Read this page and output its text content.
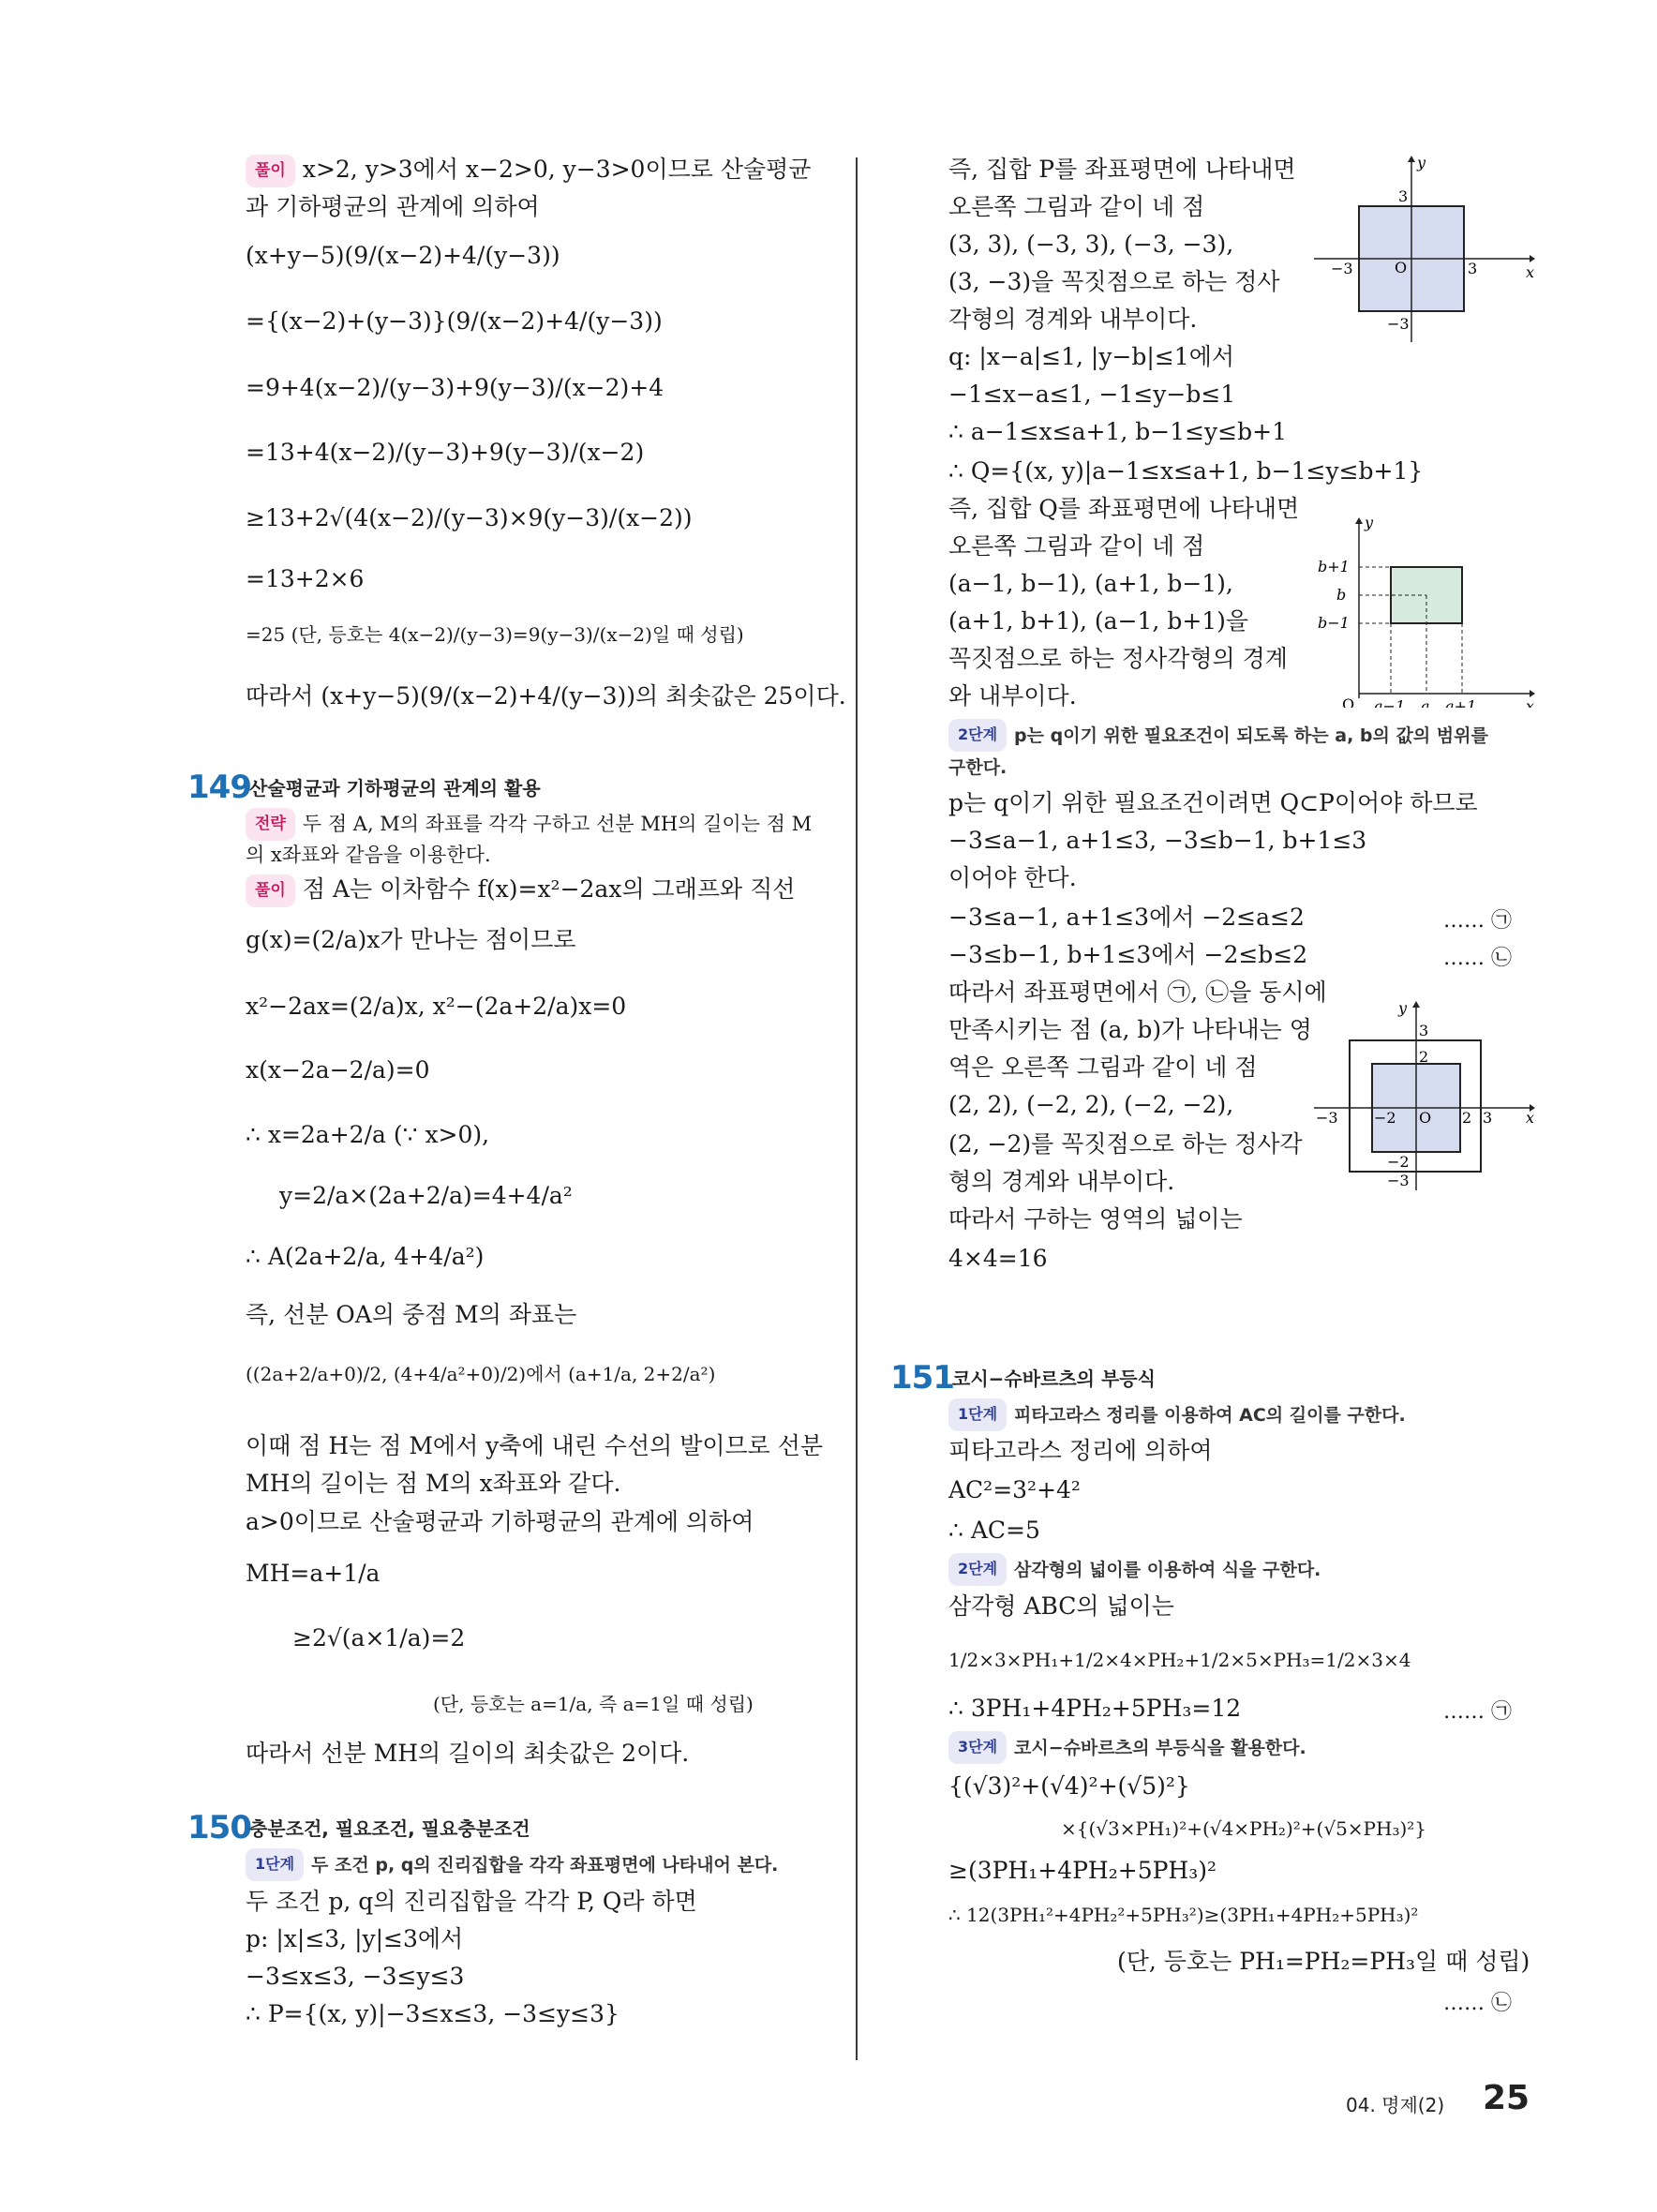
풀이 x>2, y>3에서 x−2>0, y−3>0이므로 산술평균
과 기하평균의 관계에 의하여
(x+y−5)(9/(x−2)+4/(y−3))
={(x−2)+(y−3)}(9/(x−2)+4/(y−3))
=9+4(x−2)/(y−3)+9(y−3)/(x−2)+4
=13+4(x−2)/(y−3)+9(y−3)/(x−2)
≥13+2√(4(x−2)/(y−3)×9(y−3)/(x−2))
=13+2×6
=25 (단, 등호는 4(x−2)/(y−3)=9(y−3)/(x−2)일 때 성립)
따라서 (x+y−5)(9/(x−2)+4/(y−3))의 최솟값은 25이다.
149
산술평균과 기하평균의 관계의 활용
전략 두 점 A, M의 좌표를 각각 구하고 선분 MH의 길이는 점 M
의 x좌표와 같음을 이용한다.
풀이 점 A는 이차함수 f(x)=x²−2ax의 그래프와 직선
g(x)=(2/a)x가 만나는 점이므로
x²−2ax=(2/a)x, x²−(2a+2/a)x=0
x(x−2a−2/a)=0
∴ x=2a+2/a (∵ x>0),
y=2/a×(2a+2/a)=4+4/a²
∴ A(2a+2/a, 4+4/a²)
즉, 선분 OA의 중점 M의 좌표는
((2a+2/a+0)/2, (4+4/a²+0)/2)에서 (a+1/a, 2+2/a²)
이때 점 H는 점 M에서 y축에 내린 수선의 발이므로 선분
MH의 길이는 점 M의 x좌표와 같다.
a>0이므로 산술평균과 기하평균의 관계에 의하여
MH=a+1/a
≥2√(a×1/a)=2
(단, 등호는 a=1/a, 즉 a=1일 때 성립)
따라서 선분 MH의 길이의 최솟값은 2이다.
150
충분조건, 필요조건, 필요충분조건
1단계 두 조건 p, q의 진리집합을 각각 좌표평면에 나타내어 본다.
두 조건 p, q의 진리집합을 각각 P, Q라 하면
p: |x|≤3, |y|≤3에서
−3≤x≤3, −3≤y≤3
∴ P={(x, y)|−3≤x≤3, −3≤y≤3}
즉, 집합 P를 좌표평면에 나타내면
오른쪽 그림과 같이 네 점
(3, 3), (−3, 3), (−3, −3),
(3, −3)을 꼭짓점으로 하는 정사
각형의 경계와 내부이다.
q: |x−a|≤1, |y−b|≤1에서
−1≤x−a≤1, −1≤y−b≤1
∴ a−1≤x≤a+1, b−1≤y≤b+1
∴ Q={(x, y)|a−1≤x≤a+1, b−1≤y≤b+1}
즉, 집합 Q를 좌표평면에 나타내면
오른쪽 그림과 같이 네 점
(a−1, b−1), (a+1, b−1),
(a+1, b+1), (a−1, b+1)을
꼭짓점으로 하는 정사각형의 경계
와 내부이다.
2단계 p는 q이기 위한 필요조건이 되도록 하는 a, b의 값의 범위를
구한다.
p는 q이기 위한 필요조건이려면 Q⊂P이어야 하므로
−3≤a−1, a+1≤3, −3≤b−1, b+1≤3
이어야 한다.
−3≤a−1, a+1≤3에서 −2≤a≤2	…… ㉠
−3≤b−1, b+1≤3에서 −2≤b≤2	…… ㉡
따라서 좌표평면에서 ㉠, ㉡을 동시에
만족시키는 점 (a, b)가 나타내는 영
역은 오른쪽 그림과 같이 네 점
(2, 2), (−2, 2), (−2, −2),
(2, −2)를 꼭짓점으로 하는 정사각
형의 경계와 내부이다.
따라서 구하는 영역의 넓이는
4×4=16
151
코시−슈바르츠의 부등식
1단계 피타고라스 정리를 이용하여 AC의 길이를 구한다.
피타고라스 정리에 의하여
AC²=3²+4²
∴ AC=5
2단계 삼각형의 넓이를 이용하여 식을 구한다.
삼각형 ABC의 넓이는
1/2×3×PH₁+1/2×4×PH₂+1/2×5×PH₃=1/2×3×4
∴ 3PH₁+4PH₂+5PH₃=12	…… ㉠
3단계 코시−슈바르츠의 부등식을 활용한다.
{(√3)²+(√4)²+(√5)²}
×{(√3×PH₁)²+(√4×PH₂)²+(√5×PH₃)²}
≥(3PH₁+4PH₂+5PH₃)²
∴ 12(3PH₁²+4PH₂²+5PH₃²)≥(3PH₁+4PH₂+5PH₃)²
(단, 등호는 PH₁=PH₂=PH₃일 때 성립)
…… ㉡
y
x
O
3
3
−3
−3
y
x
O
b+1
b
b−1
a−1 a a+1
y
x
O
3
2
2 3
−2
−3
−2
−3
04. 명제(2) 25
